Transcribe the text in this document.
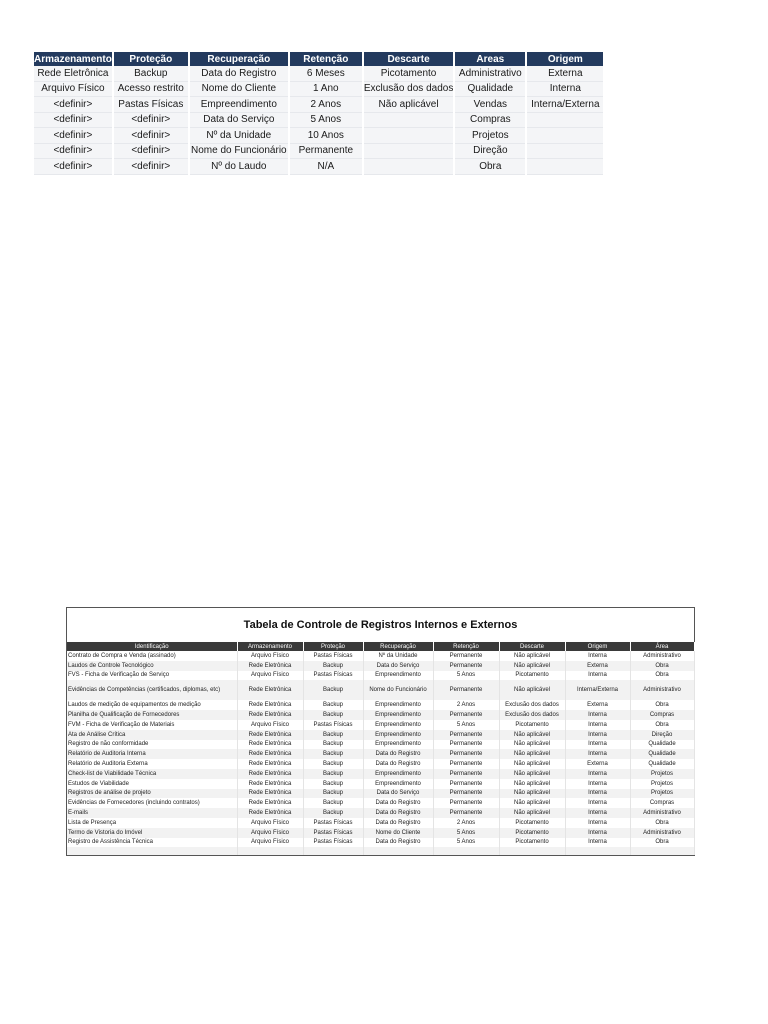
Armazenamento	Proteção	Recuperação	Retenção	Descarte	Areas	Origem
Rede Eletrônica	Backup	Data do Registro	6 Meses	Picotamento	Administrativo	Externa
Arquivo Físico	Acesso restrito	Nome do Cliente	1 Ano	Exclusão dos dados	Qualidade	Interna
<definir>	Pastas Físicas	Empreendimento	2 Anos	Não aplicável	Vendas	Interna/Externa
<definir>	<definir>	Data do Serviço	5 Anos		Compras	
<definir>	<definir>	Nº da Unidade	10 Anos		Projetos	
<definir>	<definir>	Nome do Funcionário	Permanente		Direção	
<definir>	<definir>	Nº do Laudo	N/A		Obra	
Tabela de Controle de Registros Internos e Externos
Identificação	Armazenamento	Proteção	Recuperação	Retenção	Descarte	Origem	Área
Contrato de Compra e Venda (assinado)	Arquivo Físico	Pastas Físicas	Nº da Unidade	Permanente	Não aplicável	Interna	Administrativo
Laudos de Controle Tecnológico	Rede Eletrônica	Backup	Data do Serviço	Permanente	Não aplicável	Externa	Obra
FVS - Ficha de Verificação de Serviço	Arquivo Físico	Pastas Físicas	Empreendimento	5 Anos	Picotamento	Interna	Obra
Evidências de Competências (certificados, diplomas, etc)	Rede Eletrônica	Backup	Nome do Funcionário	Permanente	Não aplicável	Interna/Externa	Administrativo
Laudos de medição de equipamentos de medição	Rede Eletrônica	Backup	Empreendimento	2 Anos	Exclusão dos dados	Externa	Obra
Planilha de Qualificação de Fornecedores	Rede Eletrônica	Backup	Empreendimento	Permanente	Exclusão dos dados	Interna	Compras
FVM - Ficha de Verificação de Materiais	Arquivo Físico	Pastas Físicas	Empreendimento	5 Anos	Picotamento	Interna	Obra
Ata de Análise Crítica	Rede Eletrônica	Backup	Empreendimento	Permanente	Não aplicável	Interna	Direção
Registro de não conformidade	Rede Eletrônica	Backup	Empreendimento	Permanente	Não aplicável	Interna	Qualidade
Relatório de Auditoria Interna	Rede Eletrônica	Backup	Data do Registro	Permanente	Não aplicável	Interna	Qualidade
Relatório de Auditoria Externa	Rede Eletrônica	Backup	Data do Registro	Permanente	Não aplicável	Externa	Qualidade
Check-list de Viabilidade Técnica	Rede Eletrônica	Backup	Empreendimento	Permanente	Não aplicável	Interna	Projetos
Estudos de Viabilidade	Rede Eletrônica	Backup	Empreendimento	Permanente	Não aplicável	Interna	Projetos
Registros de análise de projeto	Rede Eletrônica	Backup	Data do Serviço	Permanente	Não aplicável	Interna	Projetos
Evidências de Fornecedores (incluindo contratos)	Rede Eletrônica	Backup	Data do Registro	Permanente	Não aplicável	Interna	Compras
E-mails	Rede Eletrônica	Backup	Data do Registro	Permanente	Não aplicável	Interna	Administrativo
Lista de Presença	Arquivo Físico	Pastas Físicas	Data do Registro	2 Anos	Picotamento	Interna	Obra
Termo de Vistoria do Imóvel	Arquivo Físico	Pastas Físicas	Nome do Cliente	5 Anos	Picotamento	Interna	Administrativo
Registro de Assistência Técnica	Arquivo Físico	Pastas Físicas	Data do Registro	5 Anos	Picotamento	Interna	Obra
